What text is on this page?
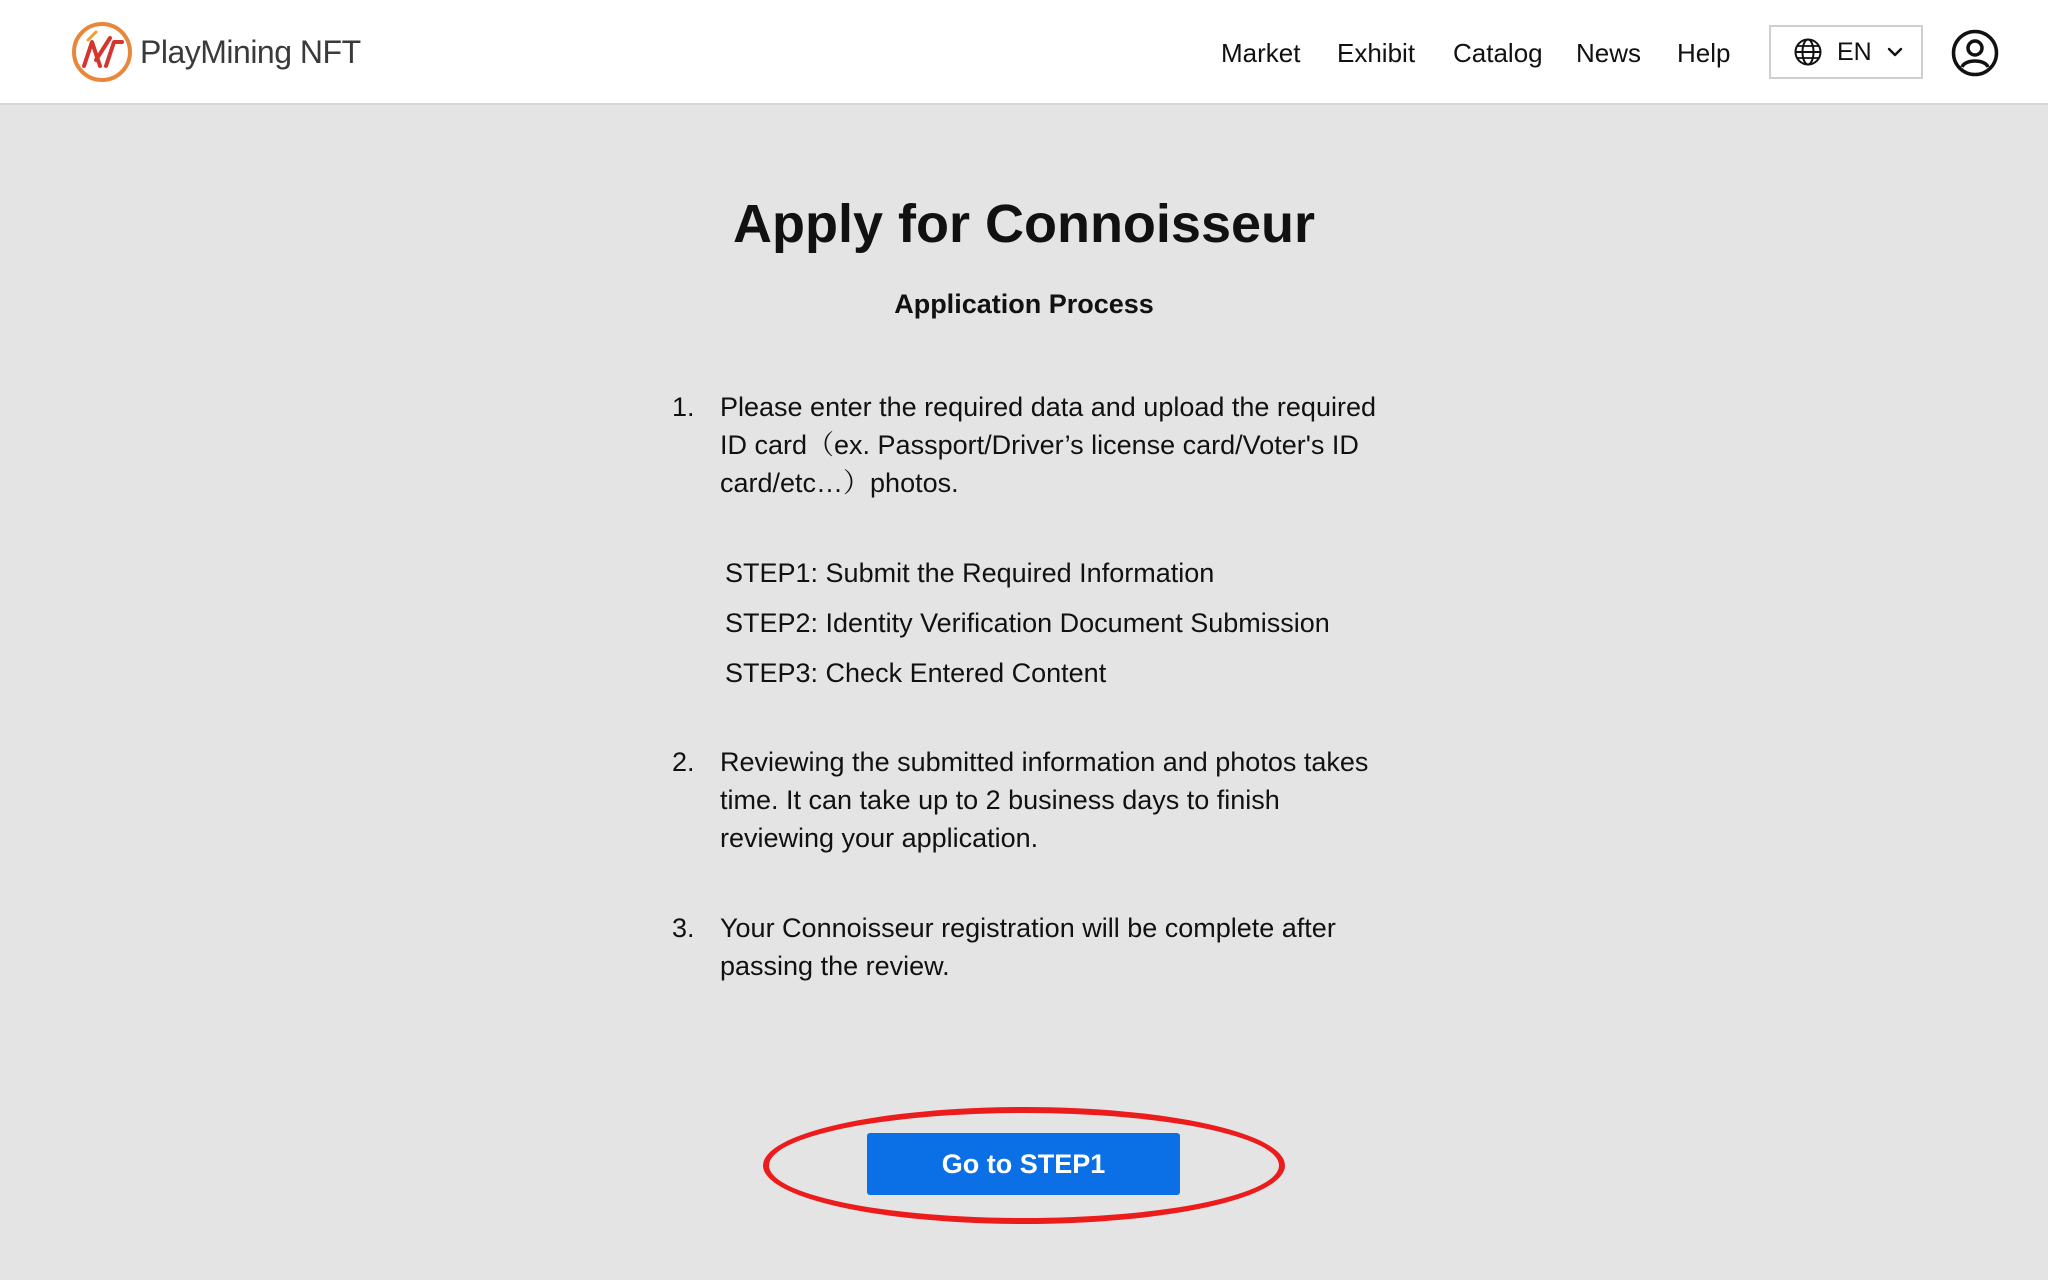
PlayMining NFT	Market Exhibit Catalog News Help	EN
Apply for Connoisseur
Application Process
1. Please enter the required data and upload the required
ID card（ex. Passport/Driver’s license card/Voter's ID
card/etc…）photos.
STEP1: Submit the Required Information
STEP2: Identity Verification Document Submission
STEP3: Check Entered Content
2. Reviewing the submitted information and photos takes
time. It can take up to 2 business days to finish
reviewing your application.
3. Your Connoisseur registration will be complete after
passing the review.
Go to STEP1
